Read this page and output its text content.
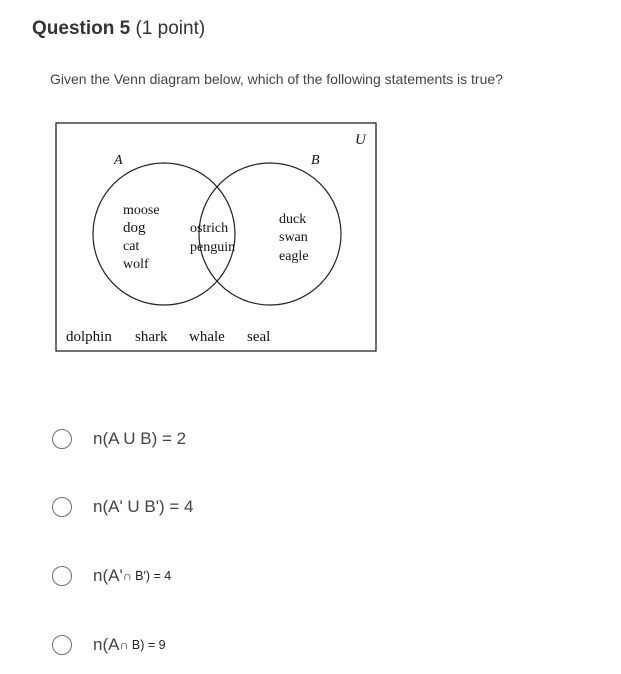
Question 5 (1 point)
Given the Venn diagram below, which of the following statements is true?
U
A	B
moose
dog
cat
wolf
ostrich
penguin
duck
swan
eagle
dolphin shark whale seal
n(A U B) = 2
n(A' U B') = 4
n(A' ∩ B') = 4
n(A ∩ B) = 9
